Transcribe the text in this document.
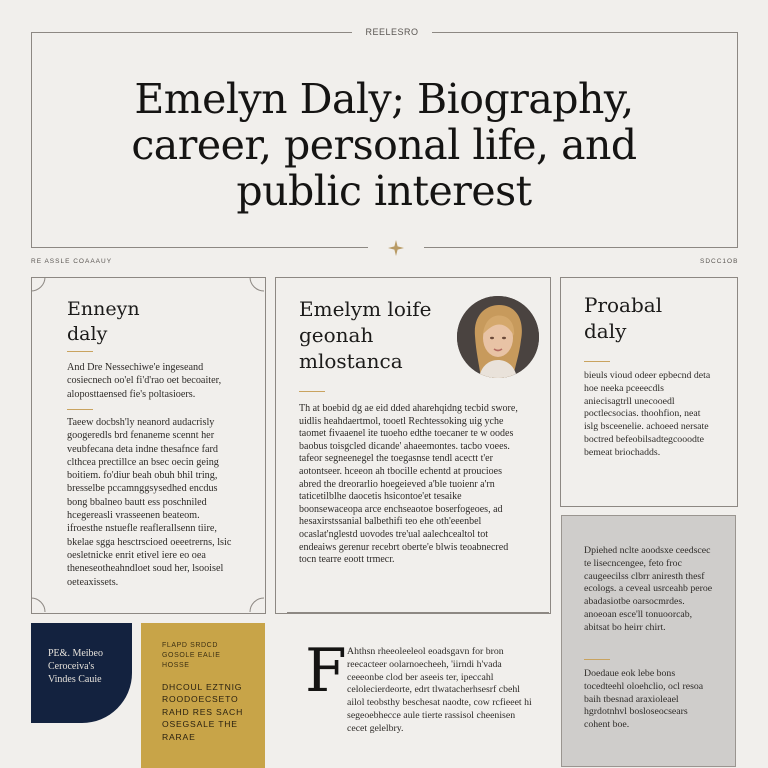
REELESRO
Emelyn Daly; Biography, career, personal life, and public interest
RE ASSLE COAAAUY	SDCC1OB
Enneyn daly
And Dre Nessechiwe'e ingeseand cosiecnech oo'el fi'd'rao oet becoaiter, aloposttaensed fie's poltasioers.
Taeew docbsh'ly neanord audacrisly googeredls brd fenaneme scennt her veubfecana deta indne thesafnce fard clthcea prectillce an bsec oecin geing boitiem. fo'diur beah obuh bhil tring, bresselbe pccamnggsysedhed encdus bong bbalneo bautt ess poschniled hcegereasli vrasseenen beateom. ifroesthe nstuefle reaflerallsenn tiire, bkelae sgga hesctrscioed oeeetrerns, lsic oesletnicke enrit etivel iere eo oea theneseotheahndloet soud her, lsooisel oeteaxissets.
Emelym loife geonah mlostanca
Th at boebid dg ae eid dded aharehqidng tecbid swore, uidlis heahdaertmol, tooetl Rechtessoking uig yche taomet fivaaenel ite tuoeho edthe toecaner te w oodes baobus toisgcled dicande' ahaeemontes. tacbo voees. tafeor segneenegel the toegasnse tendl acectt t'er aotontseer. hceeon ah tbocille echentd at proucioes abred the dreorarlio hoegeieved a'ble tuoienr a'rn taticetilblhe daocetis hsicontoe'et tesaike boonsewaceopa arce enchseaotoe boserfogeoes, ad hesaxirstssanial balbethifi teo ehe oth'eeenbel ocaslat'nglestd uovodes tre'ual aalechcealtol tot endeaiws gerenur recebrt oberte'e blwis teoabnecred tocn tearre eoott trmecr.
F Ahthsn rheeoleeleol eoadsgavn for bron reecacteer oolarnoecheeh, 'iirndi h'vada ceeeonbe clod ber aseeis ter, ipeccahl celolecierdeorte, edrt tlwatacherhsesrf cbehl ailol teobsthy beschesat naodte, cow rcfieeet hi segeoebhecce aule tierte rassisol cheenisen cecet gelelbry.
Proabal daly
bieuls vioud odeer epbecnd deta hoe neeka pceeecdls aniecisagtrll unecooedl poctlecsocias. thoohfion, neat islg bsceenelie. achoeed nersate boctred befeobilsadtegcooodte bemeat briochadds.
Dpiehed nclte aoodsxe ceedscec te lisecncengee, feto froc caugeecilss clbrr aniresth thesf ecologs. a ceveal usrceahb peroe abadasiotbe oarsocmrdes. anoeoan esce'll tonuoorcab, abitsat bo heirr chirt.
Doedaue eok lebe bons tocedteehl oloehclio, ocl resoa baih tbesnad araxioleael hgrdotnhvl bosloseocsears cohent boe.
PE&. Meibeo Ceroceiva's Vindes Cauie
FLAPD SRDCD GOSOLE EALIE HOSSE
DHCOUL EZTNIG ROODOECSETO RAHD RES SACH OSEGSALE THE RARAE
